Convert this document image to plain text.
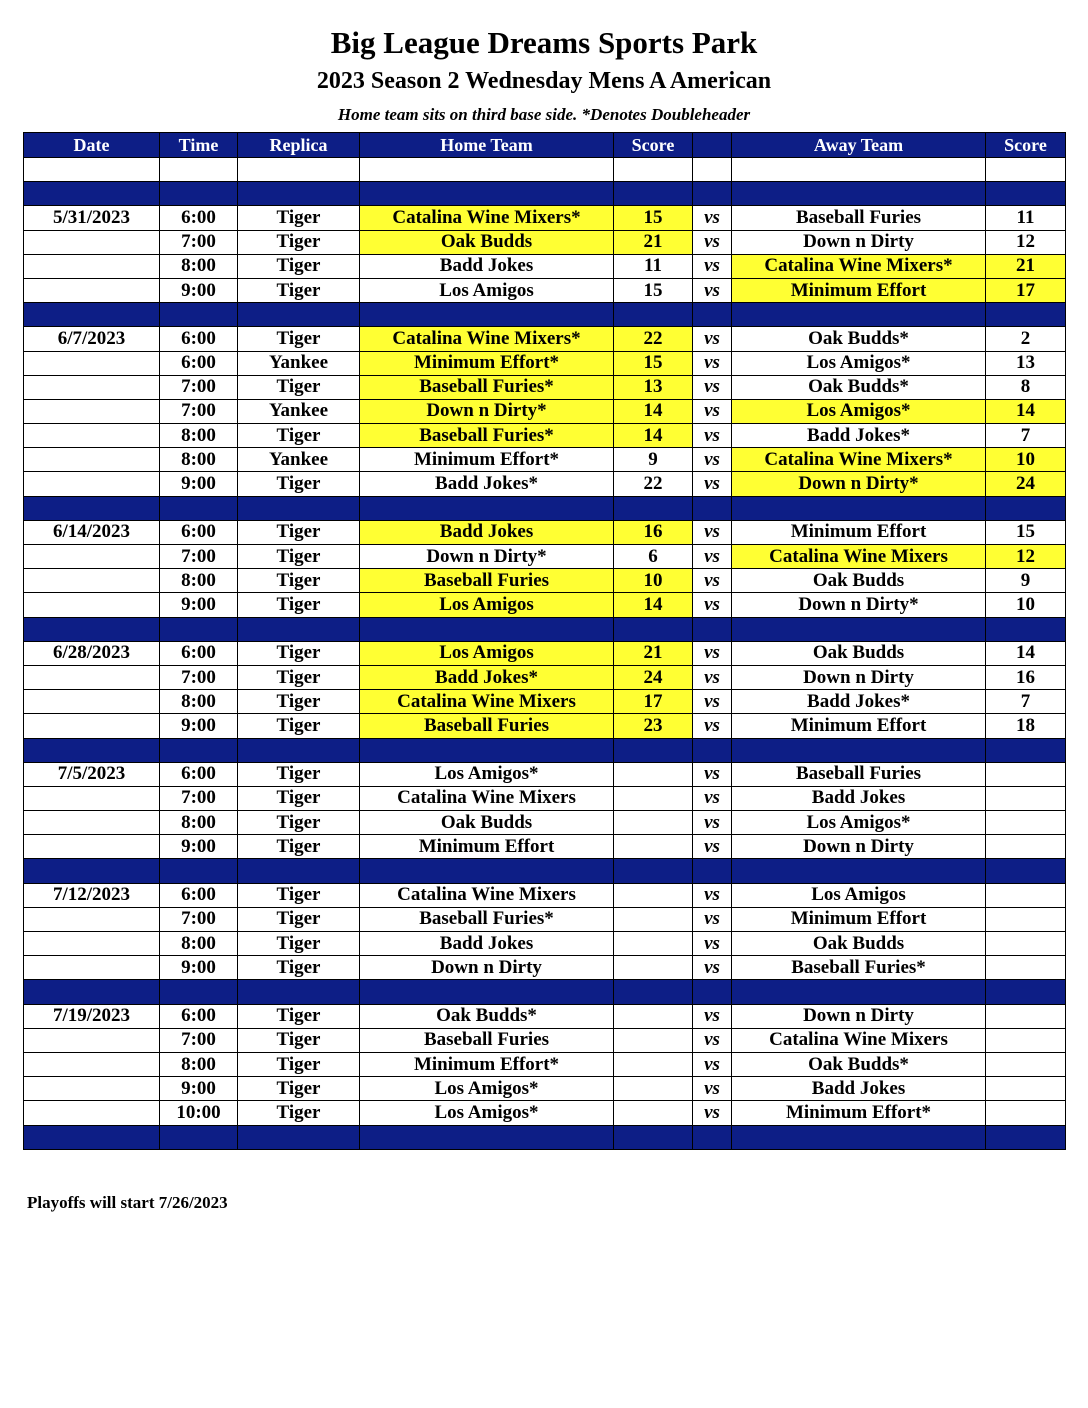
Big League Dreams Sports Park
2023 Season 2 Wednesday Mens A American
Home team sits on third base side. *Denotes Doubleheader
Date	Time	Replica	Home Team	Score		Away Team	Score

5/31/2023	6:00	Tiger	Catalina Wine Mixers*	15	vs	Baseball Furies	11
	7:00	Tiger	Oak Budds	21	vs	Down n Dirty	12
	8:00	Tiger	Badd Jokes	11	vs	Catalina Wine Mixers*	21
	9:00	Tiger	Los Amigos	15	vs	Minimum Effort	17

6/7/2023	6:00	Tiger	Catalina Wine Mixers*	22	vs	Oak Budds*	2
	6:00	Yankee	Minimum Effort*	15	vs	Los Amigos*	13
	7:00	Tiger	Baseball Furies*	13	vs	Oak Budds*	8
	7:00	Yankee	Down n Dirty*	14	vs	Los Amigos*	14
	8:00	Tiger	Baseball Furies*	14	vs	Badd Jokes*	7
	8:00	Yankee	Minimum Effort*	9	vs	Catalina Wine Mixers*	10
	9:00	Tiger	Badd Jokes*	22	vs	Down n Dirty*	24

6/14/2023	6:00	Tiger	Badd Jokes	16	vs	Minimum Effort	15
	7:00	Tiger	Down n Dirty*	6	vs	Catalina Wine Mixers	12
	8:00	Tiger	Baseball Furies	10	vs	Oak Budds	9
	9:00	Tiger	Los Amigos	14	vs	Down n Dirty*	10

6/28/2023	6:00	Tiger	Los Amigos	21	vs	Oak Budds	14
	7:00	Tiger	Badd Jokes*	24	vs	Down n Dirty	16
	8:00	Tiger	Catalina Wine Mixers	17	vs	Badd Jokes*	7
	9:00	Tiger	Baseball Furies	23	vs	Minimum Effort	18

7/5/2023	6:00	Tiger	Los Amigos*		vs	Baseball Furies	
	7:00	Tiger	Catalina Wine Mixers		vs	Badd Jokes	
	8:00	Tiger	Oak Budds		vs	Los Amigos*	
	9:00	Tiger	Minimum Effort		vs	Down n Dirty	

7/12/2023	6:00	Tiger	Catalina Wine Mixers		vs	Los Amigos	
	7:00	Tiger	Baseball Furies*		vs	Minimum Effort	
	8:00	Tiger	Badd Jokes		vs	Oak Budds	
	9:00	Tiger	Down n Dirty		vs	Baseball Furies*	

7/19/2023	6:00	Tiger	Oak Budds*		vs	Down n Dirty	
	7:00	Tiger	Baseball Furies		vs	Catalina Wine Mixers	
	8:00	Tiger	Minimum Effort*		vs	Oak Budds*	
	9:00	Tiger	Los Amigos*		vs	Badd Jokes	
	10:00	Tiger	Los Amigos*		vs	Minimum Effort*	

Playoffs will start 7/26/2023
